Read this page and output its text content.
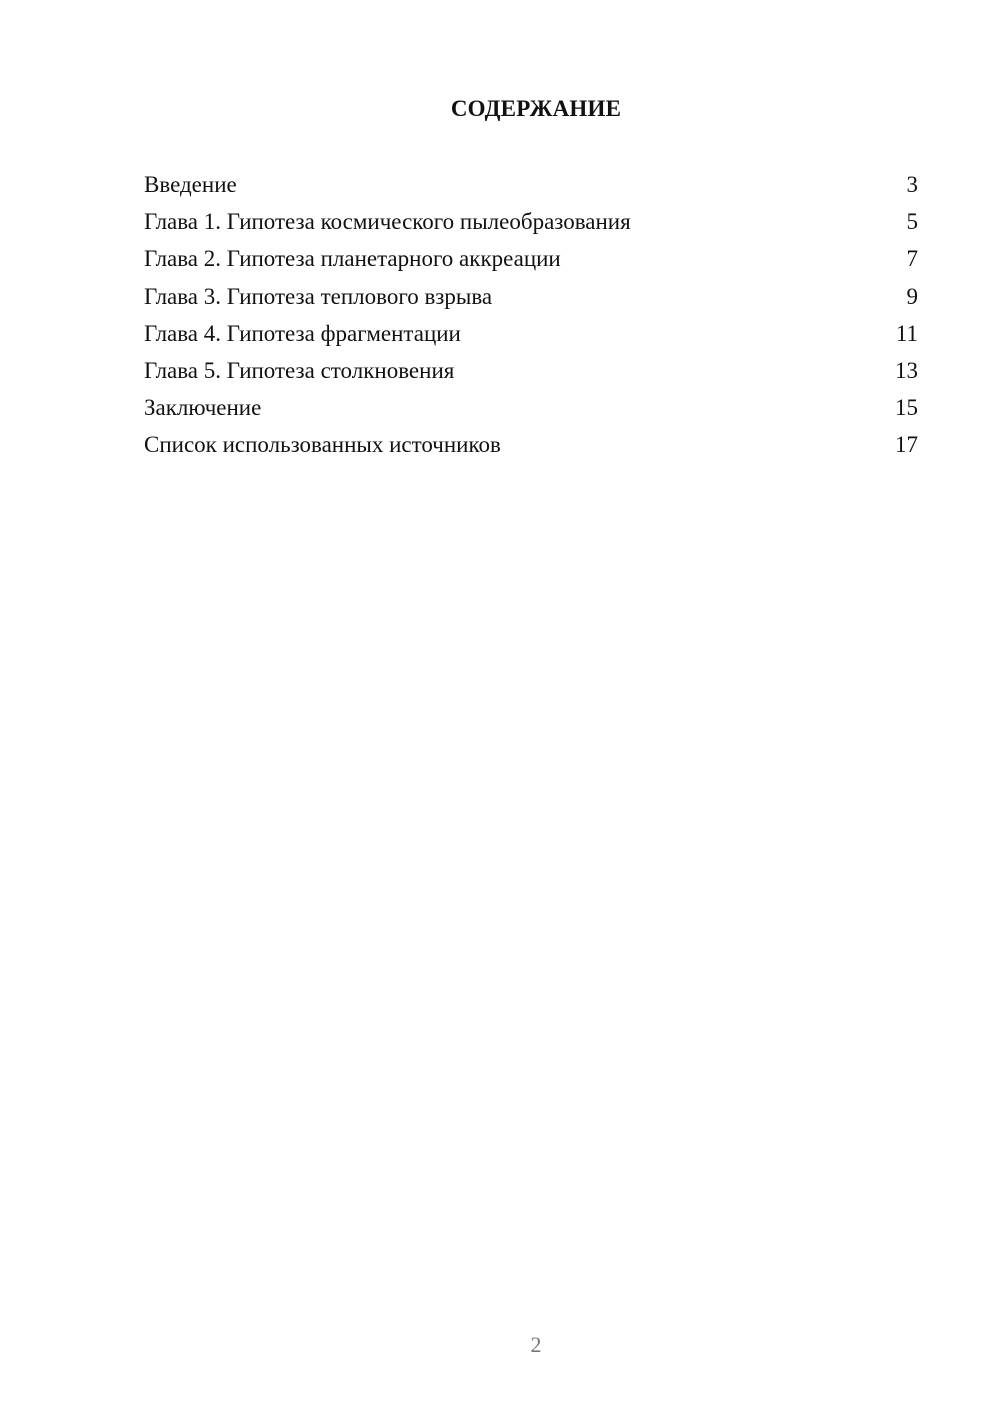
СОДЕРЖАНИЕ
Введение	3
Глава 1. Гипотеза космического пылеобразования	5
Глава 2. Гипотеза планетарного аккреации	7
Глава 3. Гипотеза теплового взрыва	9
Глава 4. Гипотеза фрагментации	11
Глава 5. Гипотеза столкновения	13
Заключение	15
Список использованных источников	17
2
